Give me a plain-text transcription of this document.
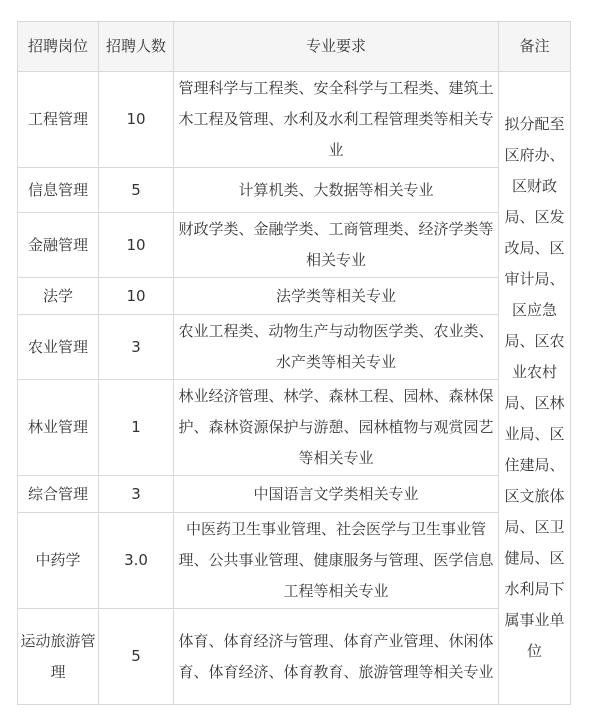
招聘岗位	招聘人数	专业要求	备注
工程管理	10	管理科学与工程类、安全科学与工程类、建筑土木工程及管理、水利及水利工程管理类等相关专业	拟分配至区府办、区财政局、区发改局、区审计局、区应急局、区农业农村局、区林业局、区住建局、区文旅体局、区卫健局、区水利局下属事业单位
信息管理	5	计算机类、大数据等相关专业	
金融管理	10	财政学类、金融学类、工商管理类、经济学类等相关专业	
法学	10	法学类等相关专业	
农业管理	3	农业工程类、动物生产与动物医学类、农业类、水产类等相关专业	
林业管理	1	林业经济管理、林学、森林工程、园林、森林保护、森林资源保护与游憩、园林植物与观赏园艺等相关专业	
综合管理	3	中国语言文学类相关专业	
中药学	3.0	中医药卫生事业管理、社会医学与卫生事业管理、公共事业管理、健康服务与管理、医学信息工程等相关专业	
运动旅游管理	5	体育、体育经济与管理、体育产业管理、休闲体育、体育经济、体育教育、旅游管理等相关专业	
